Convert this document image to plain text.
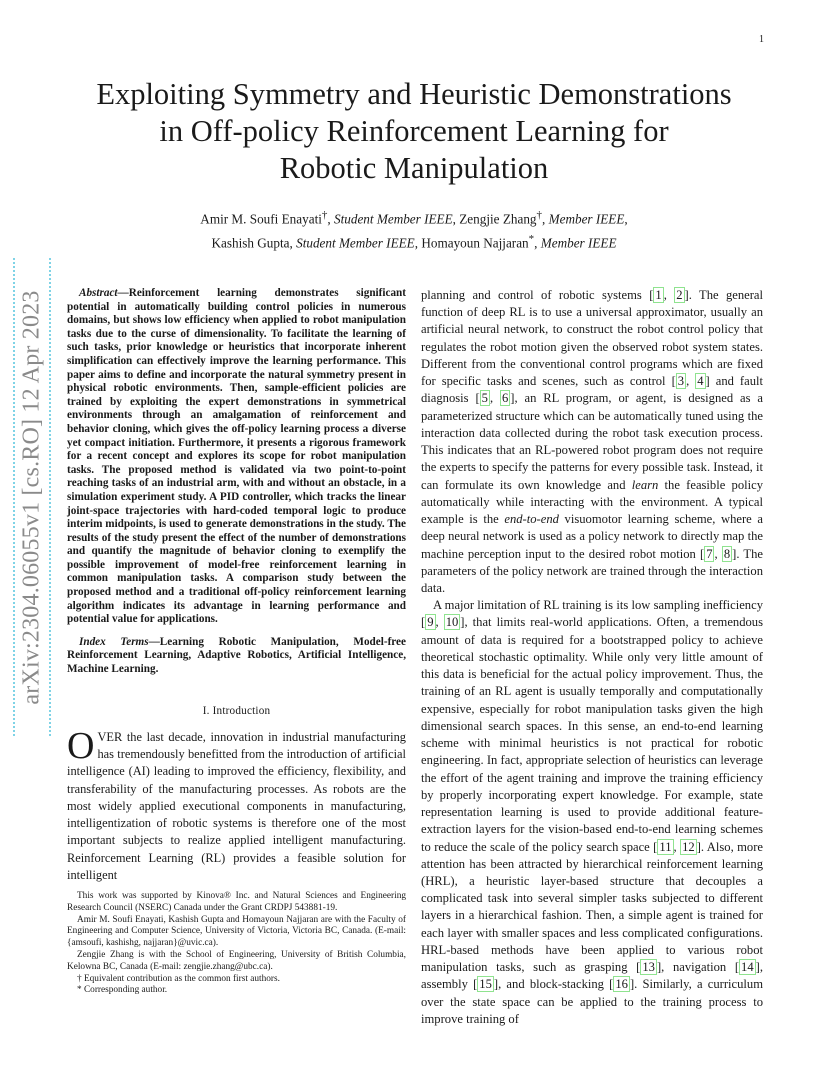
1
arXiv:2304.06055v1 [cs.RO] 12 Apr 2023
Exploiting Symmetry and Heuristic Demonstrations
in Off-policy Reinforcement Learning for
Robotic Manipulation
Amir M. Soufi Enayati†, Student Member IEEE, Zengjie Zhang†, Member IEEE,
Kashish Gupta, Student Member IEEE, Homayoun Najjaran*, Member IEEE

Abstract—Reinforcement learning demonstrates significant potential in automatically building control policies in numerous domains, but shows low efficiency when applied to robot manipulation tasks due to the curse of dimensionality. To facilitate the learning of such tasks, prior knowledge or heuristics that incorporate inherent simplification can effectively improve the learning performance. This paper aims to define and incorporate the natural symmetry present in physical robotic environments. Then, sample-efficient policies are trained by exploiting the expert demonstrations in symmetrical environments through an amalgamation of reinforcement and behavior cloning, which gives the off-policy learning process a diverse yet compact initiation. Furthermore, it presents a rigorous framework for a recent concept and explores its scope for robot manipulation tasks. The proposed method is validated via two point-to-point reaching tasks of an industrial arm, with and without an obstacle, in a simulation experiment study. A PID controller, which tracks the linear joint-space trajectories with hard-coded temporal logic to produce interim midpoints, is used to generate demonstrations in the study. The results of the study present the effect of the number of demonstrations and quantify the magnitude of behavior cloning to exemplify the possible improvement of model-free reinforcement learning in common manipulation tasks. A comparison study between the proposed method and a traditional off-policy reinforcement learning algorithm indicates its advantage in learning performance and potential value for applications.

Index Terms—Learning Robotic Manipulation, Model-free Reinforcement Learning, Adaptive Robotics, Artificial Intelligence, Machine Learning.

I. Introduction

OVER the last decade, innovation in industrial manufacturing has tremendously benefitted from the introduction of artificial intelligence (AI) leading to improved the efficiency, flexibility, and transferability of the manufacturing processes. As robots are the most widely applied executional components in manufacturing, intelligentization of robotic systems is therefore one of the most important subjects to realize applied intelligent manufacturing. Reinforcement Learning (RL) provides a feasible solution for intelligent

This work was supported by Kinova® Inc. and Natural Sciences and Engineering Research Council (NSERC) Canada under the Grant CRDPJ 543881-19.

Amir M. Soufi Enayati, Kashish Gupta and Homayoun Najjaran are with the Faculty of Engineering and Computer Science, University of Victoria, Victoria BC, Canada. (E-mail: {amsoufi, kashishg, najjaran}@uvic.ca).

Zengjie Zhang is with the School of Engineering, University of British Columbia, Kelowna BC, Canada (E-mail: zengjie.zhang@ubc.ca).

† Equivalent contribution as the common first authors.

* Corresponding author.

planning and control of robotic systems [ 1 , 2 ]. The general function of deep RL is to use a universal approximator, usually an artificial neural network, to construct the robot control policy that regulates the robot motion given the observed robot system states. Different from the conventional control programs which are fixed for specific tasks and scenes, such as control [ 3 , 4 ] and fault diagnosis [ 5 , 6 ], an RL program, or agent, is designed as a parameterized structure which can be automatically tuned using the interaction data collected during the robot task execution process. This indicates that an RL-powered robot program does not require the experts to specify the patterns for every possible task. Instead, it can formulate its own knowledge and learn the feasible policy automatically while interacting with the environment. A typical example is the end-to-end visuomotor learning scheme, where a deep neural network is used as a policy network to directly map the machine perception input to the desired robot motion [ 7 , 8 ]. The parameters of the policy network are trained through the interaction data.

A major limitation of RL training is its low sampling inefficiency [ 9 , 10 ], that limits real-world applications. Often, a tremendous amount of data is required for a bootstrapped policy to achieve theoretical stochastic optimality. While only very little amount of this data is beneficial for the actual policy improvement. Thus, the training of an RL agent is usually temporally and computationally expensive, especially for robot manipulation tasks given the high dimensional search spaces. In this sense, an end-to-end learning scheme with minimal heuristics is not practical for robotic engineering. In fact, appropriate selection of heuristics can leverage the effort of the agent training and improve the training efficiency by properly incorporating expert knowledge. For example, state representation learning is used to provide additional feature-extraction layers for the vision-based end-to-end learning schemes to reduce the scale of the policy search space [ 11 , 12 ]. Also, more attention has been attracted by hierarchical reinforcement learning (HRL), a heuristic layer-based structure that decouples a complicated task into several simpler tasks subjected to different layers in a hierarchical fashion. Then, a simple agent is trained for each layer with smaller spaces and less complicated configurations. HRL-based methods have been applied to various robot manipulation tasks, such as grasping [ 13 ], navigation [ 14 ], assembly [ 15 ], and block-stacking [ 16 ]. Similarly, a curriculum over the state space can be applied to the training process to improve training of
